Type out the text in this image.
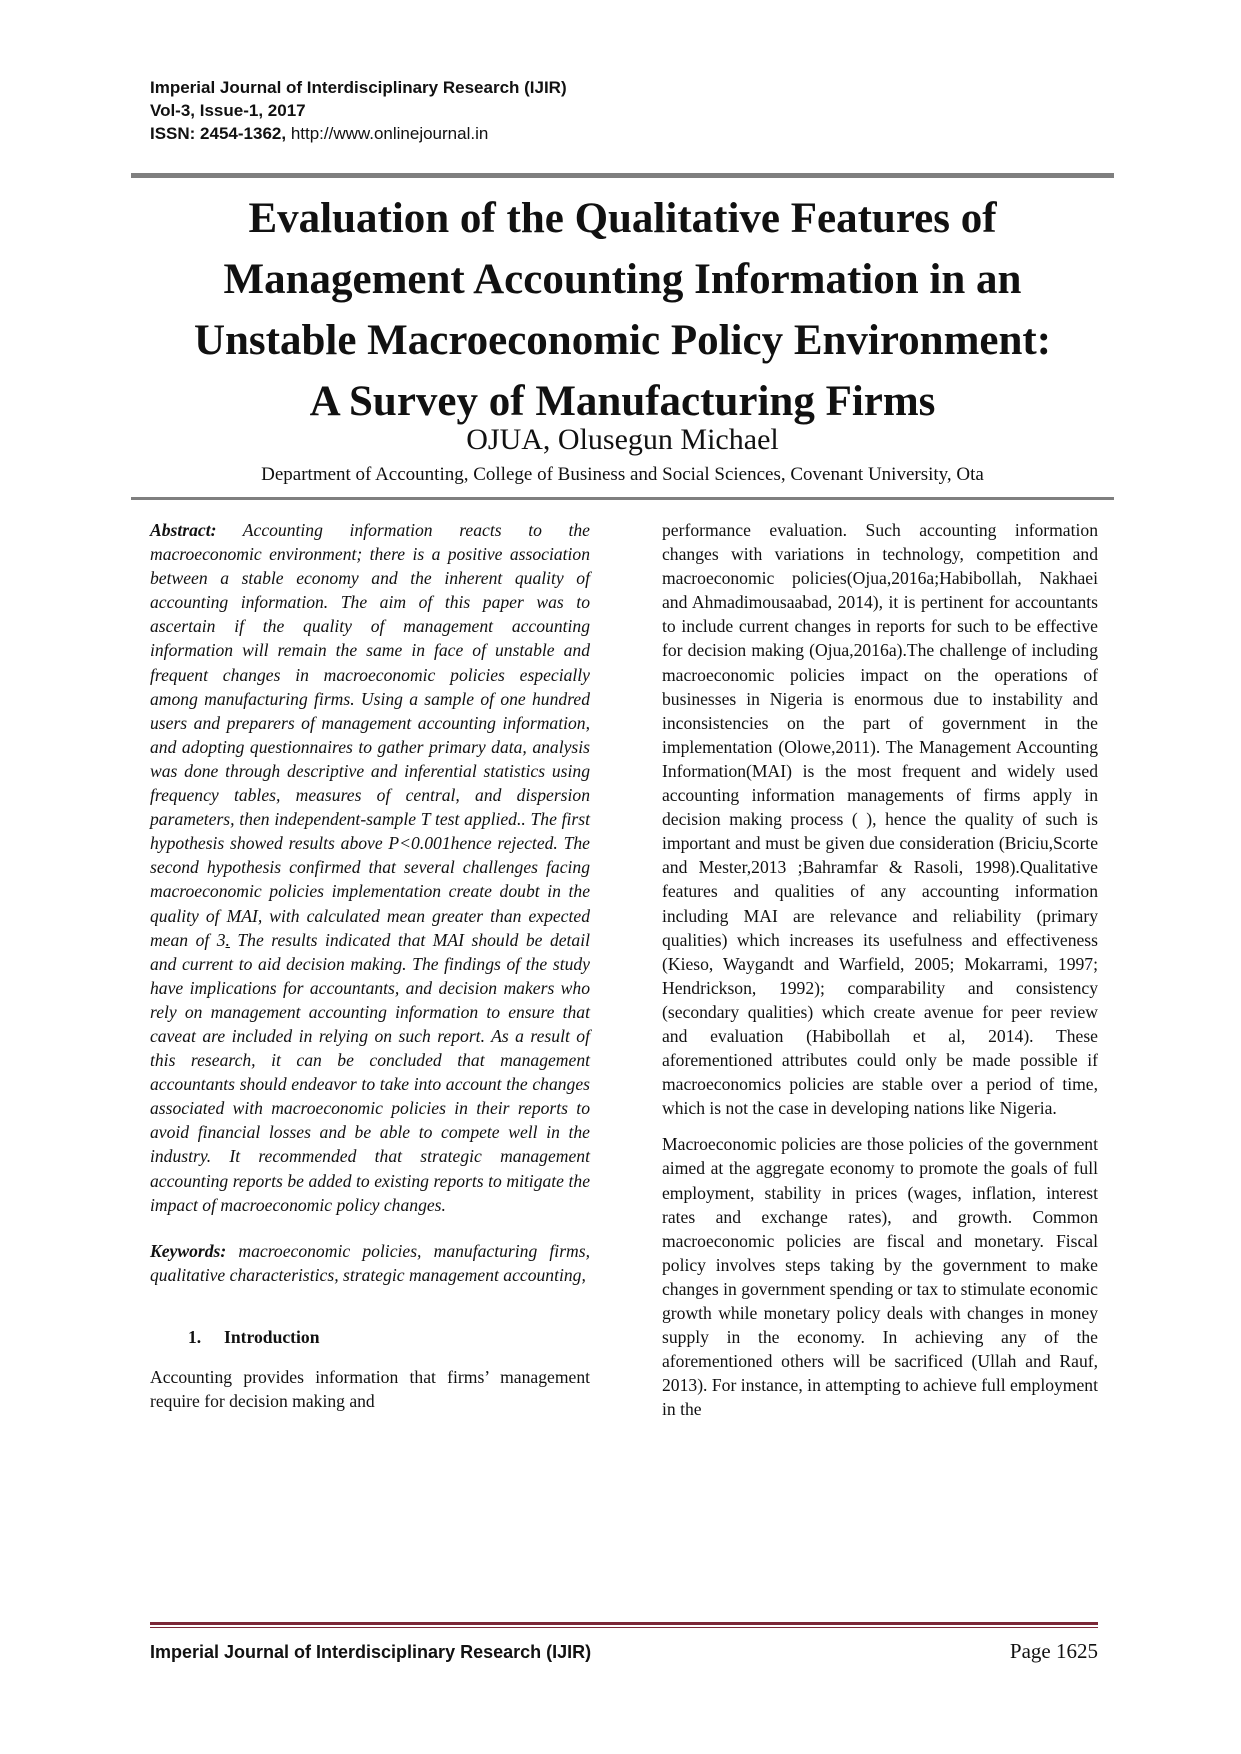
Imperial Journal of Interdisciplinary Research (IJIR)
Vol-3, Issue-1, 2017
ISSN: 2454-1362, http://www.onlinejournal.in
Evaluation of the Qualitative Features of
Management Accounting Information in an
Unstable Macroeconomic Policy Environment:
A Survey of Manufacturing Firms
OJUA, Olusegun Michael
Department of Accounting, College of Business and Social Sciences, Covenant University, Ota

Abstract: Accounting information reacts to the macroeconomic environment; there is a positive association between a stable economy and the inherent quality of accounting information. The aim of this paper was to ascertain if the quality of management accounting information will remain the same in face of unstable and frequent changes in macroeconomic policies especially among manufacturing firms. Using a sample of one hundred users and preparers of management accounting information, and adopting questionnaires to gather primary data, analysis was done through descriptive and inferential statistics using frequency tables, measures of central, and dispersion parameters, then independent-sample T test applied.. The first hypothesis showed results above P<0.001hence rejected. The second hypothesis confirmed that several challenges facing macroeconomic policies implementation create doubt in the quality of MAI, with calculated mean greater than expected mean of 3. The results indicated that MAI should be detail and current to aid decision making. The findings of the study have implications for accountants, and decision makers who rely on management accounting information to ensure that caveat are included in relying on such report. As a result of this research, it can be concluded that management accountants should endeavor to take into account the changes associated with macroeconomic policies in their reports to avoid financial losses and be able to compete well in the industry. It recommended that strategic management accounting reports be added to existing reports to mitigate the impact of macroeconomic policy changes.

Keywords: macroeconomic policies, manufacturing firms, qualitative characteristics, strategic management accounting,

1. Introduction

Accounting provides information that firms’ management require for decision making and

performance evaluation. Such accounting information changes with variations in technology, competition and macroeconomic policies(Ojua,2016a;Habibollah, Nakhaei and Ahmadimousaabad, 2014), it is pertinent for accountants to include current changes in reports for such to be effective for decision making (Ojua,2016a).The challenge of including macroeconomic policies impact on the operations of businesses in Nigeria is enormous due to instability and inconsistencies on the part of government in the implementation (Olowe,2011). The Management Accounting Information(MAI) is the most frequent and widely used accounting information managements of firms apply in decision making process ( ), hence the quality of such is important and must be given due consideration (Briciu,Scorte and Mester,2013 ;Bahramfar & Rasoli, 1998).Qualitative features and qualities of any accounting information including MAI are relevance and reliability (primary qualities) which increases its usefulness and effectiveness (Kieso, Waygandt and Warfield, 2005; Mokarrami, 1997; Hendrickson, 1992); comparability and consistency (secondary qualities) which create avenue for peer review and evaluation (Habibollah et al, 2014). These aforementioned attributes could only be made possible if macroeconomics policies are stable over a period of time, which is not the case in developing nations like Nigeria.

Macroeconomic policies are those policies of the government aimed at the aggregate economy to promote the goals of full employment, stability in prices (wages, inflation, interest rates and exchange rates), and growth. Common macroeconomic policies are fiscal and monetary. Fiscal policy involves steps taking by the government to make changes in government spending or tax to stimulate economic growth while monetary policy deals with changes in money supply in the economy. In achieving any of the aforementioned others will be sacrificed (Ullah and Rauf, 2013). For instance, in attempting to achieve full employment in the

Imperial Journal of Interdisciplinary Research (IJIR)	Page 1625
